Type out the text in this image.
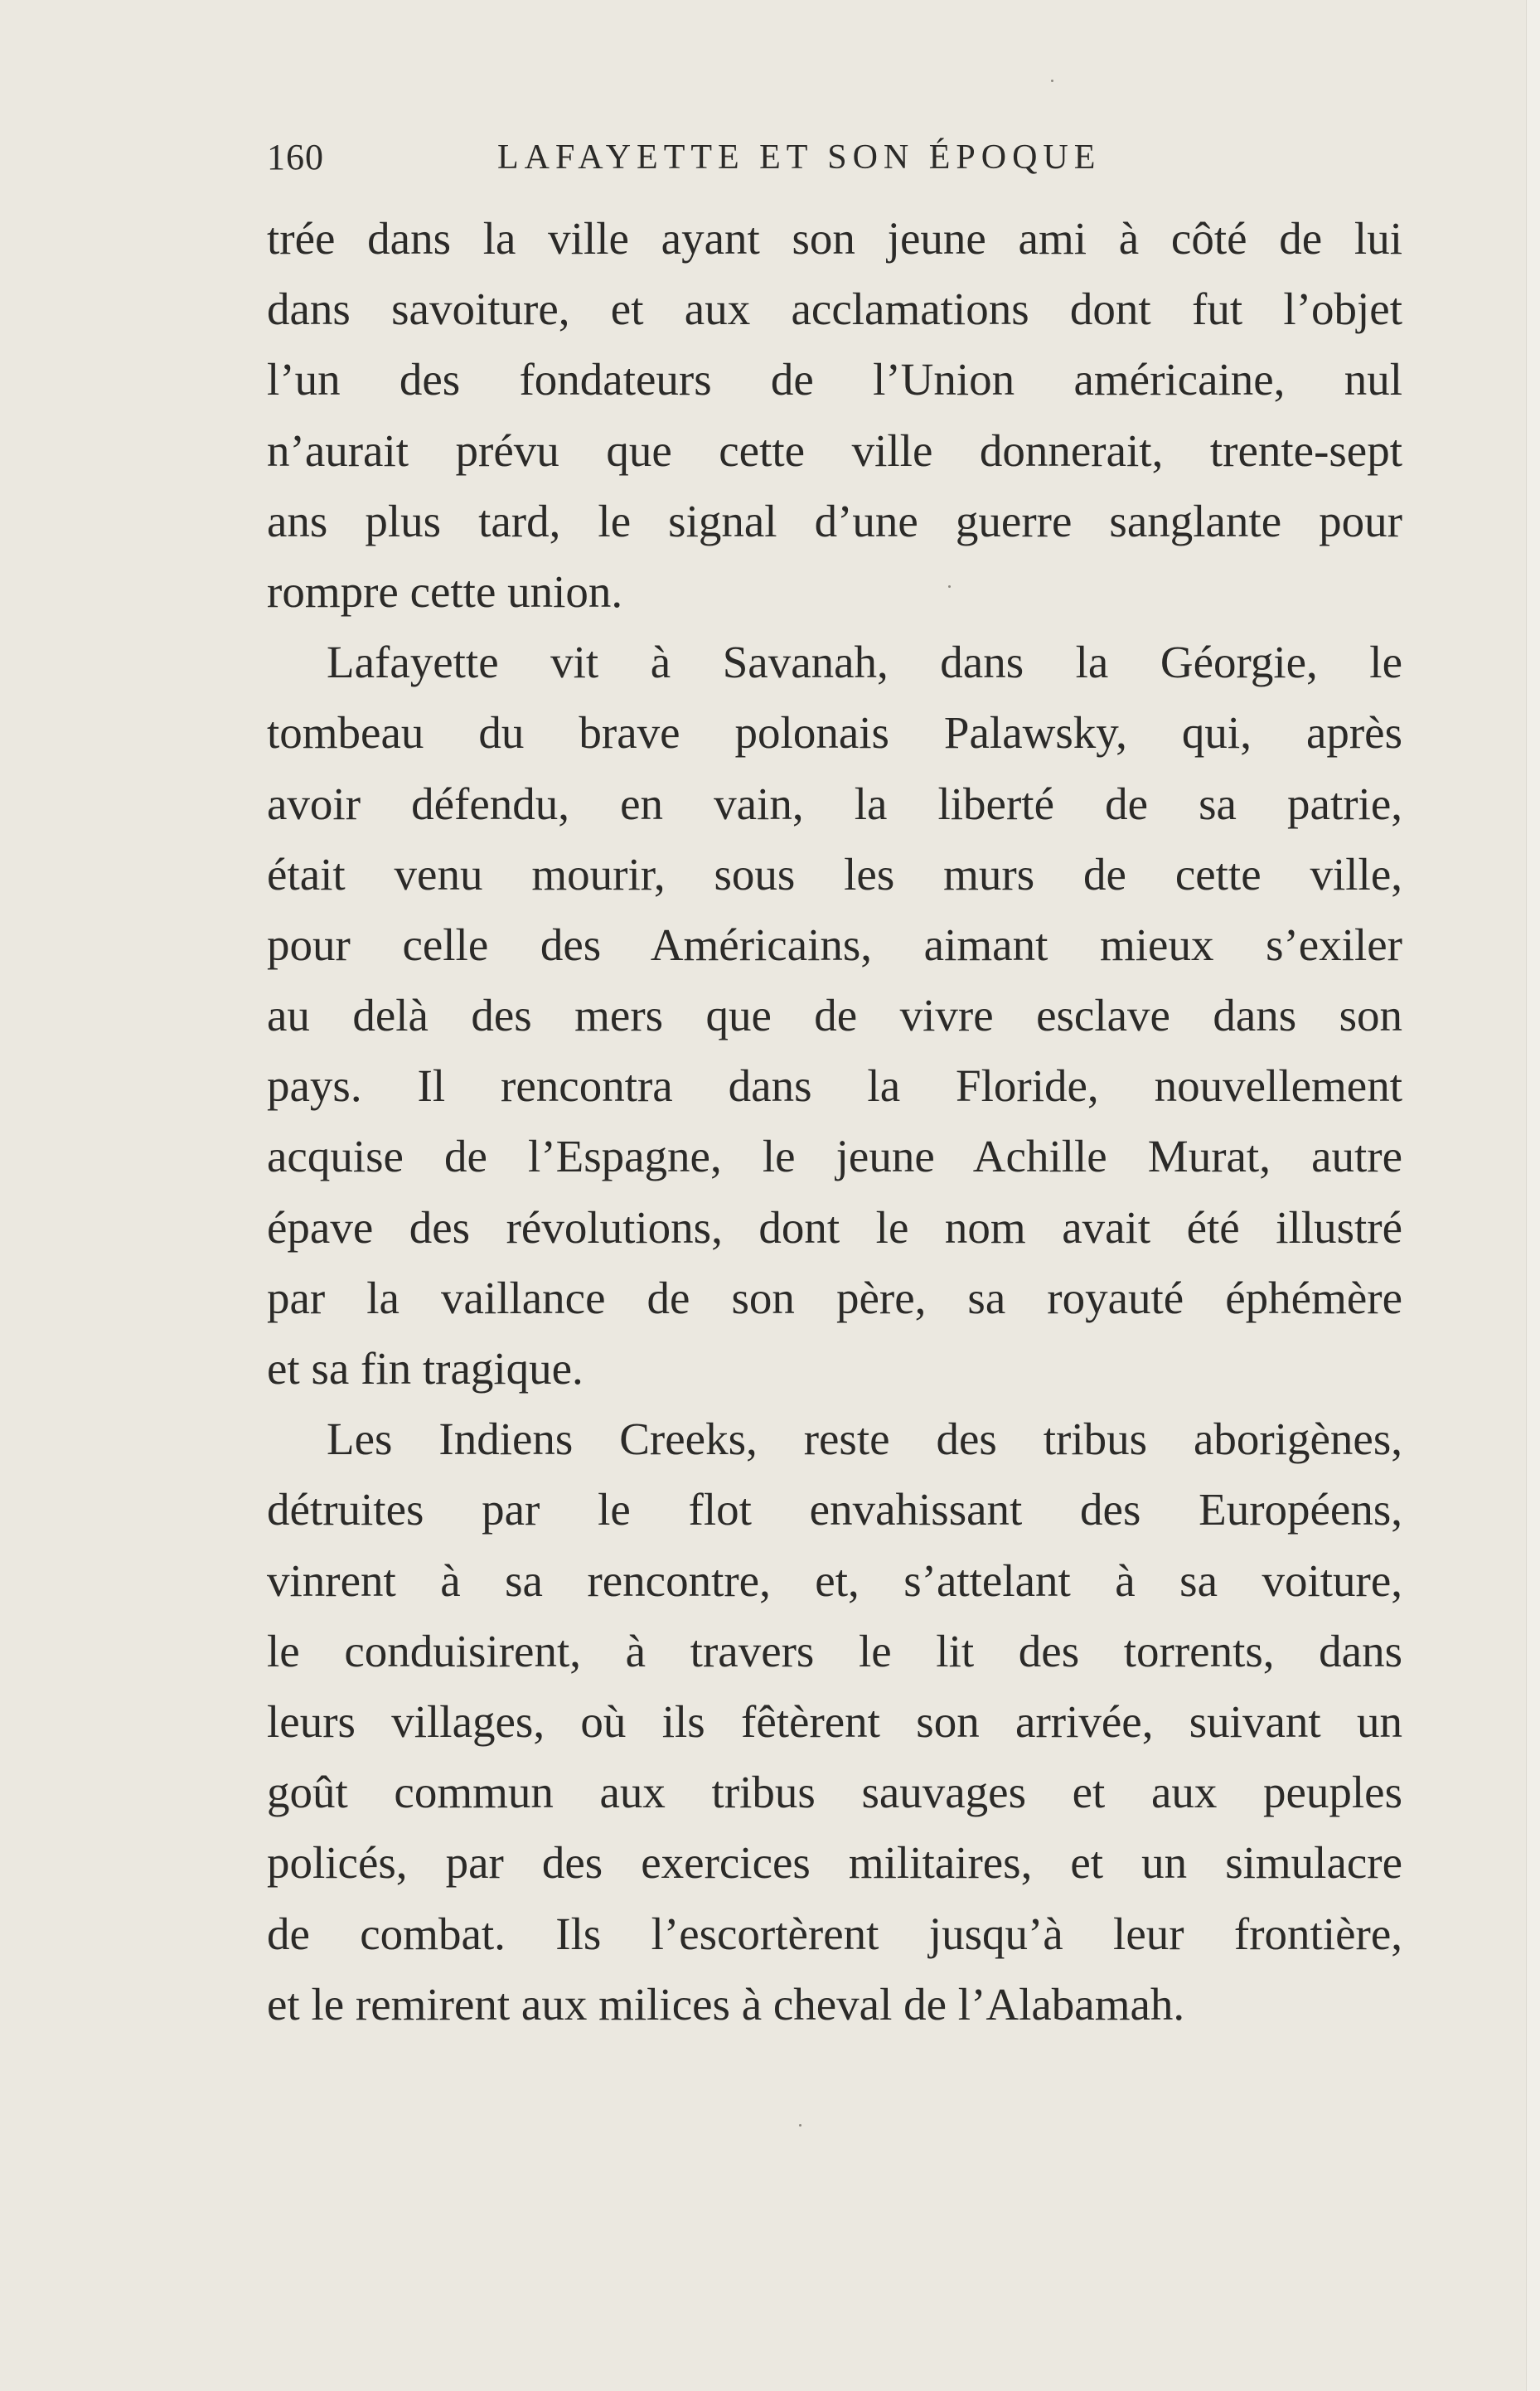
160	LAFAYETTE ET SON ÉPOQUE
trée dans la ville ayant son jeune ami à côté de lui
dans savoiture, et aux acclamations dont fut l’objet
l’un des fondateurs de l’Union américaine, nul
n’aurait prévu que cette ville donnerait, trente-sept
ans plus tard, le signal d’une guerre sanglante pour
rompre cette union.
Lafayette vit à Savanah, dans la Géorgie, le
tombeau du brave polonais Palawsky, qui, après
avoir défendu, en vain, la liberté de sa patrie,
était venu mourir, sous les murs de cette ville,
pour celle des Américains, aimant mieux s’exiler
au delà des mers que de vivre esclave dans son
pays. Il rencontra dans la Floride, nouvellement
acquise de l’Espagne, le jeune Achille Murat, autre
épave des révolutions, dont le nom avait été illustré
par la vaillance de son père, sa royauté éphémère
et sa fin tragique.
Les Indiens Creeks, reste des tribus aborigènes,
détruites par le flot envahissant des Européens,
vinrent à sa rencontre, et, s’attelant à sa voiture,
le conduisirent, à travers le lit des torrents, dans
leurs villages, où ils fêtèrent son arrivée, suivant un
goût commun aux tribus sauvages et aux peuples
policés, par des exercices militaires, et un simulacre
de combat. Ils l’escortèrent jusqu’à leur frontière,
et le remirent aux milices à cheval de l’Alabamah.
